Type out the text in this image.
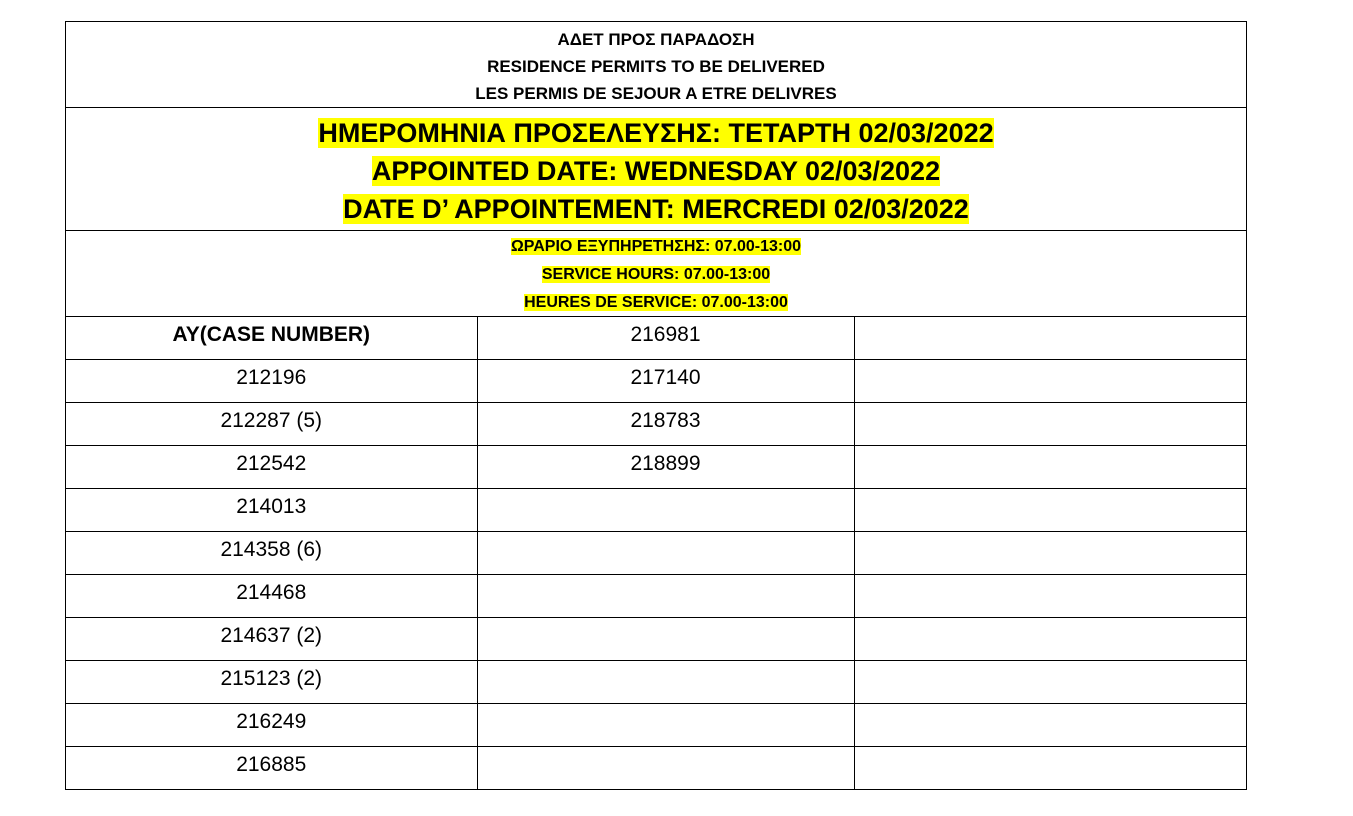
ΑΔΕΤ ΠΡΟΣ ΠΑΡΑΔΟΣΗ
RESIDENCE PERMITS TO BE DELIVERED
LES PERMIS DE SEJOUR A ETRE DELIVRES
ΗΜΕΡΟΜΗΝΙΑ ΠΡΟΣΕΛΕΥΣΗΣ: ΤΕΤΑΡΤΗ 02/03/2022
APPOINTED DATE: WEDNESDAY 02/03/2022
DATE D’ APPOINTEMENT: MERCREDI 02/03/2022
ΩΡΑΡΙΟ ΕΞΥΠΗΡΕΤΗΣΗΣ: 07.00-13:00
SERVICE HOURS: 07.00-13:00
HEURES DE SERVICE: 07.00-13:00
ΑΥ(CASE NUMBER)	216981	
212196	217140	
212287 (5)	218783	
212542	218899	
214013		
214358 (6)		
214468		
214637 (2)		
215123 (2)		
216249		
216885		
